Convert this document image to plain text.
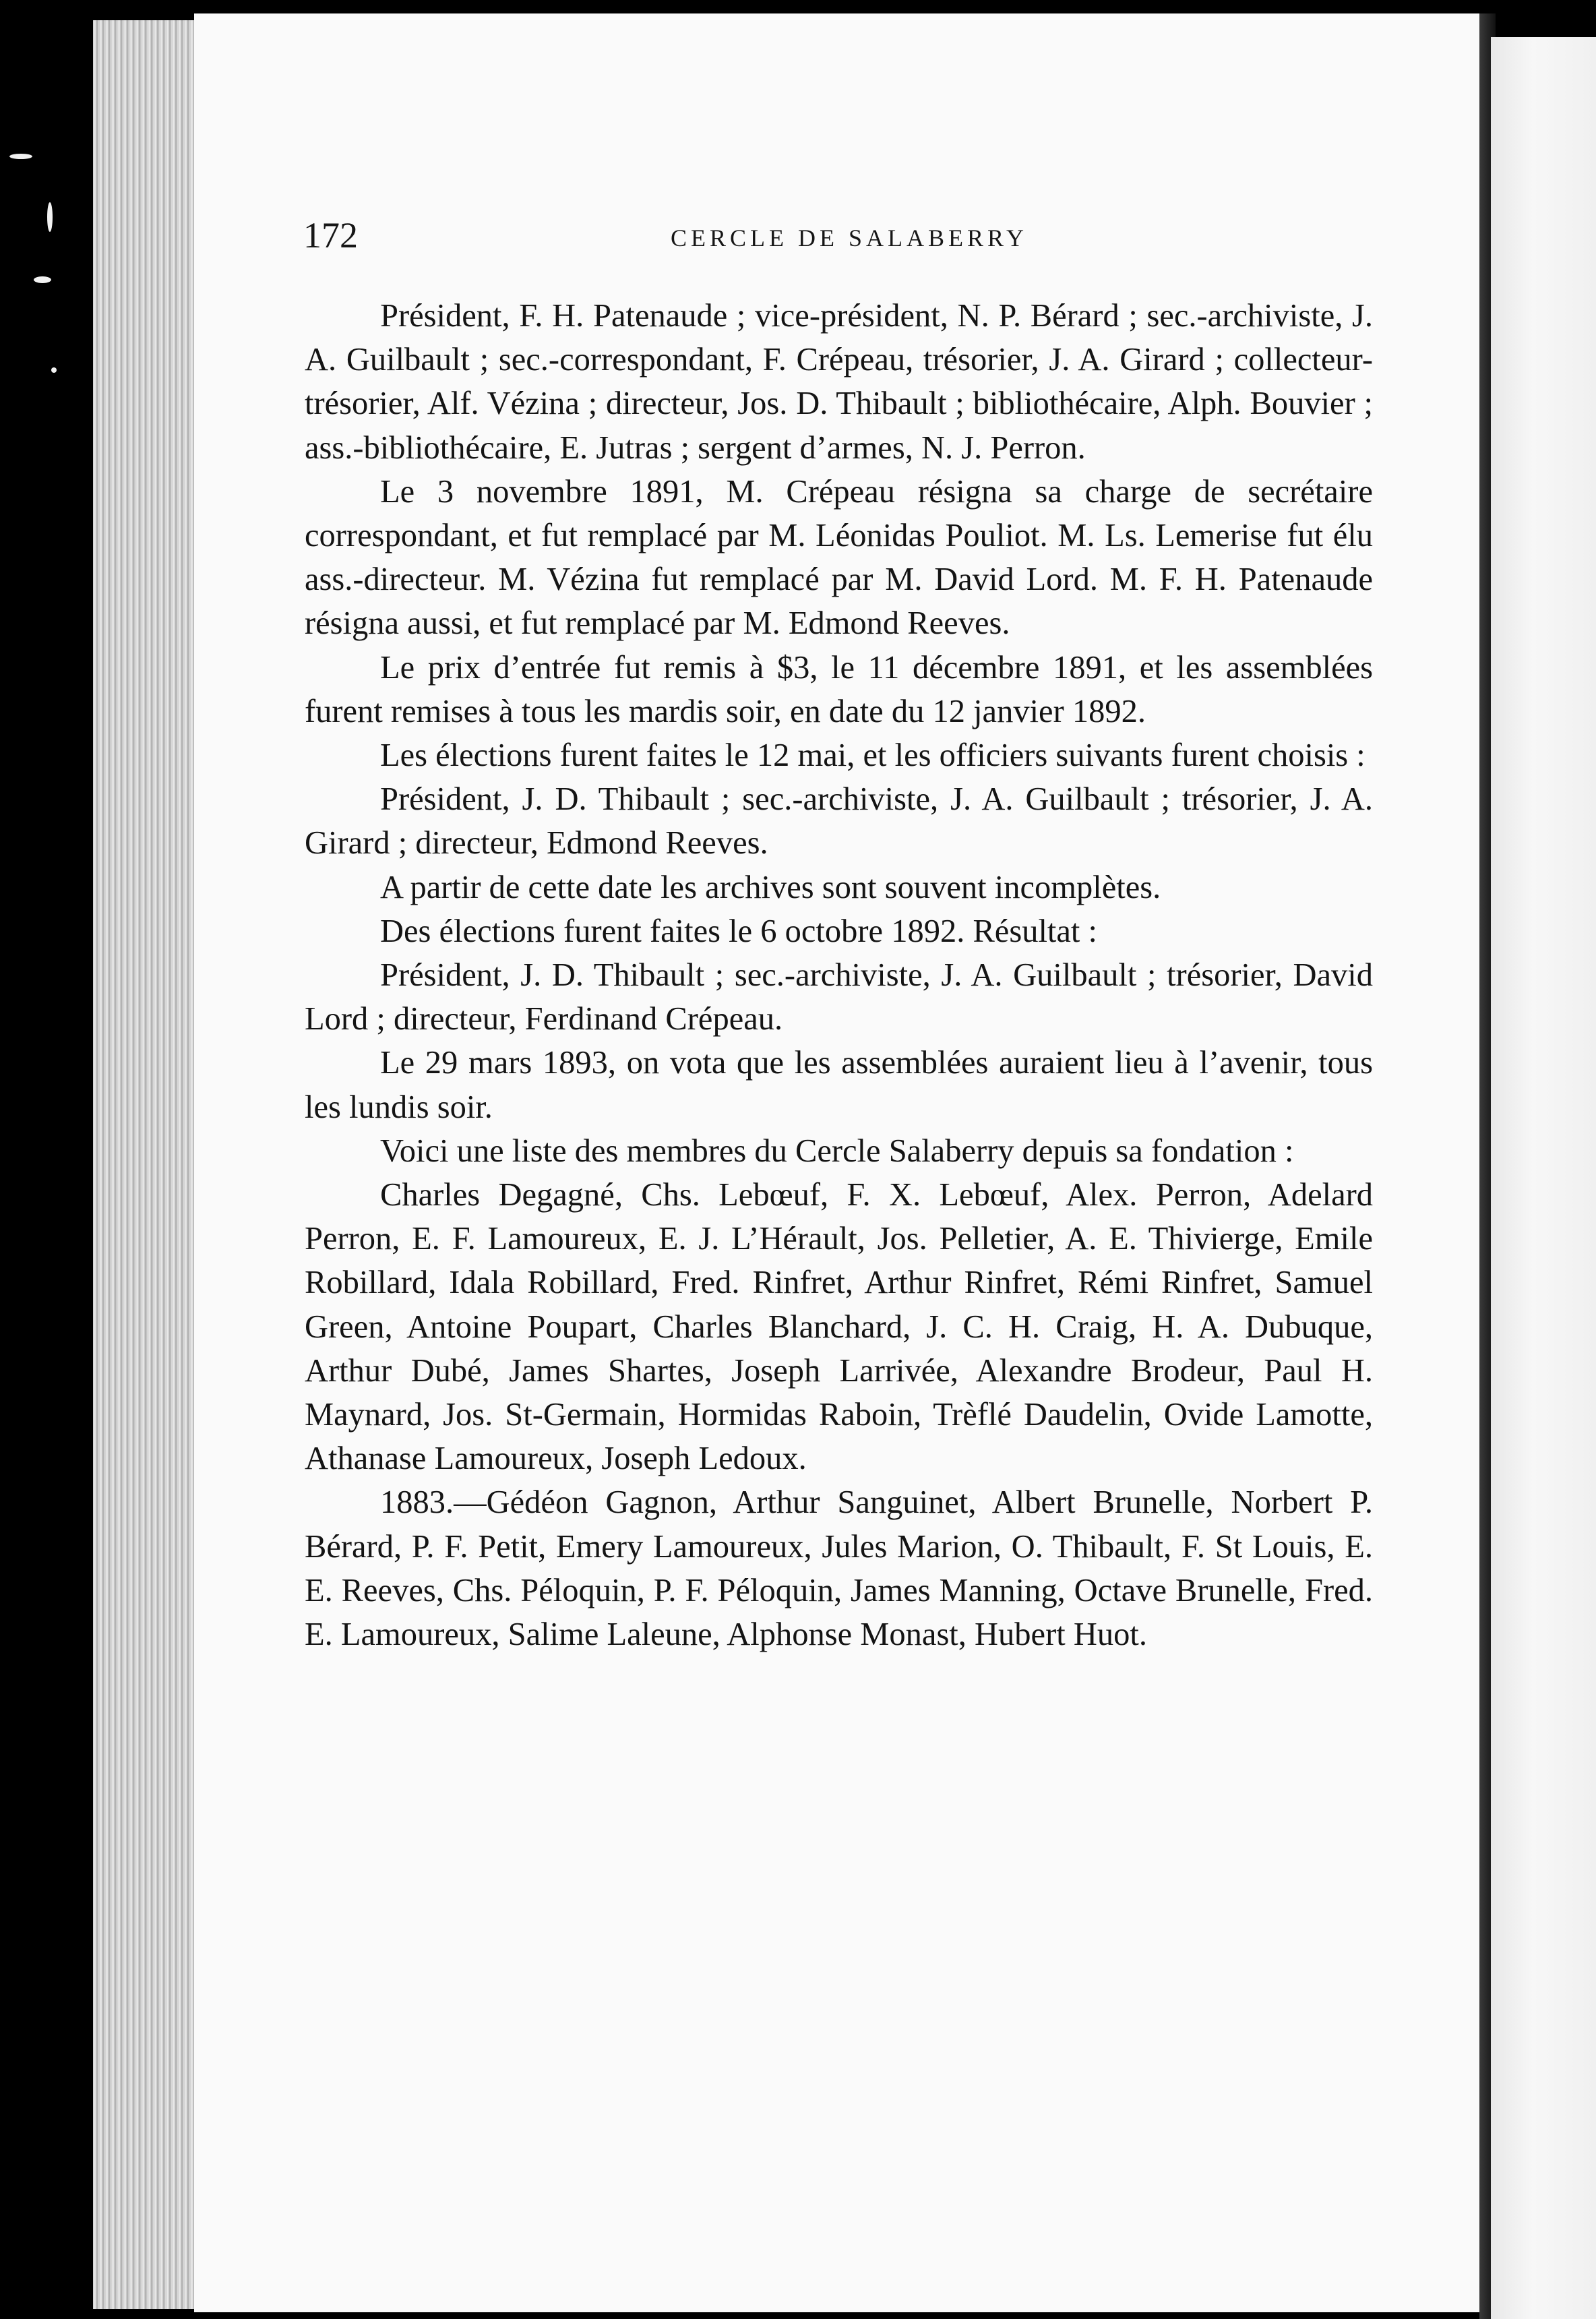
172	CERCLE DE SALABERRY

Président, F. H. Patenaude ; vice-président, N. P. Bérard ; sec.-archiviste, J. A. Guilbault ; sec.-correspondant, F. Crépeau, trésorier, J. A. Girard ; collecteur-trésorier, Alf. Vézina ; directeur, Jos. D. Thibault ; bibliothécaire, Alph. Bouvier ; ass.-bibliothécaire, E. Jutras ; sergent d’armes, N. J. Perron.

Le 3 novembre 1891, M. Crépeau résigna sa charge de secrétaire correspondant, et fut remplacé par M. Léonidas Pouliot. M. Ls. Lemerise fut élu ass.-directeur. M. Vézina fut remplacé par M. David Lord. M. F. H. Patenaude résigna aussi, et fut remplacé par M. Edmond Reeves.

Le prix d’entrée fut remis à $3, le 11 décembre 1891, et les assemblées furent remises à tous les mardis soir, en date du 12 janvier 1892.

Les élections furent faites le 12 mai, et les officiers suivants furent choisis :

Président, J. D. Thibault ; sec.-archiviste, J. A. Guilbault ; trésorier, J. A. Girard ; directeur, Edmond Reeves.

A partir de cette date les archives sont souvent incomplètes.

Des élections furent faites le 6 octobre 1892. Résultat :

Président, J. D. Thibault ; sec.-archiviste, J. A. Guilbault ; trésorier, David Lord ; directeur, Ferdinand Crépeau.

Le 29 mars 1893, on vota que les assemblées auraient lieu à l’avenir, tous les lundis soir.

Voici une liste des membres du Cercle Salaberry depuis sa fondation :

Charles Degagné, Chs. Lebœuf, F. X. Lebœuf, Alex. Perron, Adelard Perron, E. F. Lamoureux, E. J. L’Hérault, Jos. Pelletier, A. E. Thivierge, Emile Robillard, Idala Robillard, Fred. Rinfret, Arthur Rinfret, Rémi Rinfret, Samuel Green, Antoine Poupart, Charles Blanchard, J. C. H. Craig, H. A. Dubuque, Arthur Dubé, James Shartes, Joseph Larrivée, Alexandre Brodeur, Paul H. Maynard, Jos. St-Germain, Hormidas Raboin, Trèflé Daudelin, Ovide Lamotte, Athanase Lamoureux, Joseph Ledoux.

1883.—Gédéon Gagnon, Arthur Sanguinet, Albert Brunelle, Norbert P. Bérard, P. F. Petit, Emery Lamoureux, Jules Marion, O. Thibault, F. St Louis, E. E. Reeves, Chs. Péloquin, P. F. Péloquin, James Manning, Octave Brunelle, Fred. E. Lamoureux, Salime Laleune, Alphonse Monast, Hubert Huot.
